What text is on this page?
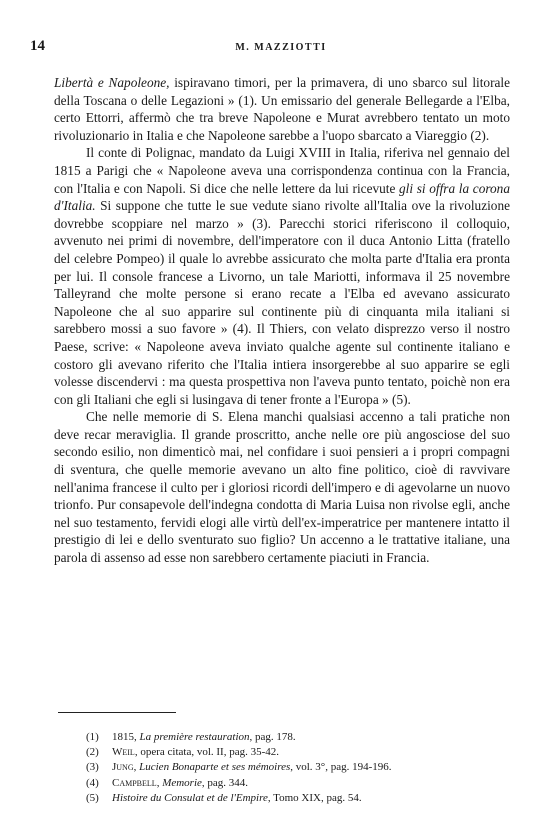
14	M. MAZZIOTTI

Libertà e Napoleone, ispiravano timori, per la primavera, di uno sbarco sul litorale della Toscana o delle Legazioni » (1). Un emissario del generale Bellegarde a l'Elba, certo Ettorri, affermò che tra breve Napoleone e Murat avrebbero tentato un moto rivoluzionario in Italia e che Napoleone sarebbe a l'uopo sbarcato a Viareggio (2).

Il conte di Polignac, mandato da Luigi XVIII in Italia, riferiva nel gennaio del 1815 a Parigi che « Napoleone aveva una corrispondenza continua con la Francia, con l'Italia e con Napoli. Si dice che nelle lettere da lui ricevute gli si offra la corona d'Italia. Si suppone che tutte le sue vedute siano rivolte all'Italia ove la rivoluzione dovrebbe scoppiare nel marzo » (3). Parecchi storici riferiscono il colloquio, avvenuto nei primi di novembre, dell'imperatore con il duca Antonio Litta (fratello del celebre Pompeo) il quale lo avrebbe assicurato che molta parte d'Italia era pronta per lui. Il console francese a Livorno, un tale Mariotti, informava il 25 novembre Talleyrand che molte persone si erano recate a l'Elba ed avevano assicurato Napoleone che al suo apparire sul continente più di cinquanta mila italiani si sarebbero mossi a suo favore » (4). Il Thiers, con velato disprezzo verso il nostro Paese, scrive: « Napoleone aveva inviato qualche agente sul continente italiano e costoro gli avevano riferito che l'Italia intiera insorgerebbe al suo apparire se egli volesse discendervi : ma questa prospettiva non l'aveva punto tentato, poichè non era con gli Italiani che egli si lusingava di tener fronte a l'Europa » (5).

Che nelle memorie di S. Elena manchi qualsiasi accenno a tali pratiche non deve recar meraviglia. Il grande proscritto, anche nelle ore più angosciose del suo secondo esilio, non dimenticò mai, nel confidare i suoi pensieri a i propri compagni di sventura, che quelle memorie avevano un alto fine politico, cioè di ravvivare nell'anima francese il culto per i gloriosi ricordi dell'impero e di agevolarne un nuovo trionfo. Pur consapevole dell'indegna condotta di Maria Luisa non rivolse egli, anche nel suo testamento, fervidi elogi alle virtù dell'ex-imperatrice per mantenere intatto il prestigio di lei e dello sventurato suo figlio? Un accenno a le trattative italiane, una parola di assenso ad esse non sarebbero certamente piaciuti in Francia.

(1) 1815, La première restauration, pag. 178.
(2) Weil, opera citata, vol. II, pag. 35-42.
(3) Jung, Lucien Bonaparte et ses mémoires, vol. 3°, pag. 194-196.
(4) Campbell, Memorie, pag. 344.
(5) Histoire du Consulat et de l'Empire, Tomo XIX, pag. 54.
